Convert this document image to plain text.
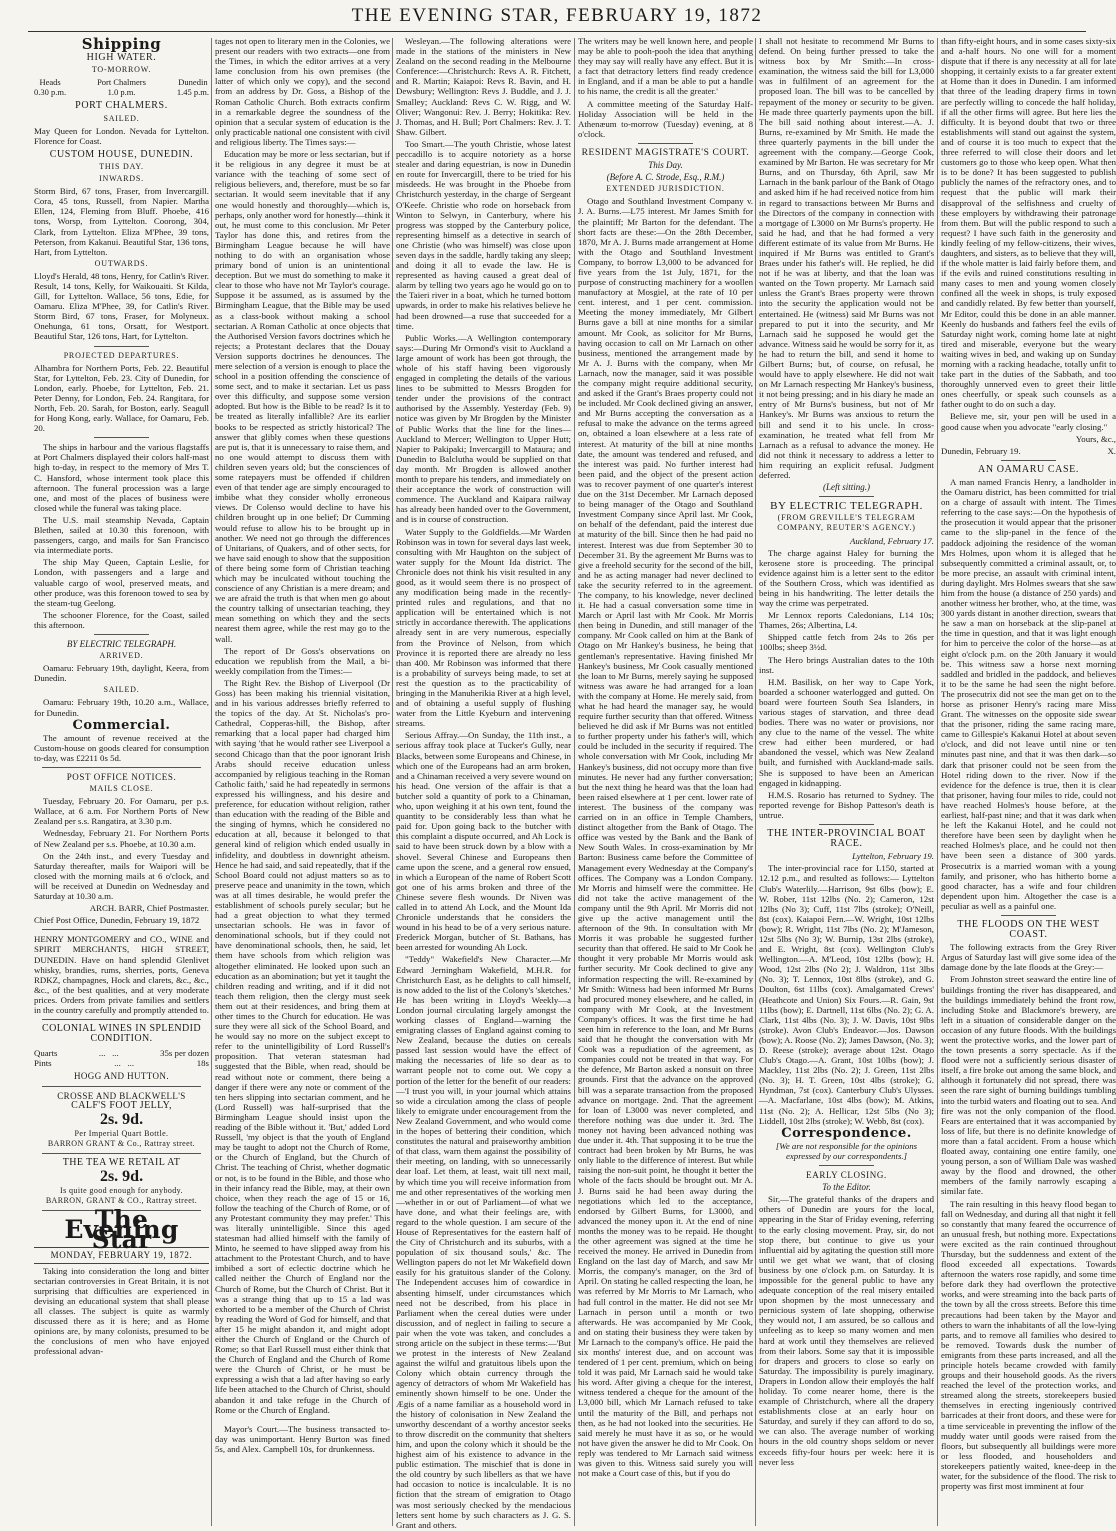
THE EVENING STAR, FEBRUARY 19, 1872
Shipping
HIGH WATER.
TO-MORROW.
Heads
0.30 p.m.
Port Chalmers
1.0 p.m.
Dunedin
1.45 p.m.
PORT CHALMERS.
SAILED.

May Queen for London. Nevada for Lyttelton. Florence for Coast.

CUSTOM HOUSE, DUNEDIN.
THIS DAY.
INWARDS.

Storm Bird, 67 tons, Fraser, from Invercargill. Cora, 45 tons, Russell, from Napier. Martha Ellen, 124, Fleming from Bluff. Phoebe, 416 tons, Worsp, from Lyttelton. Coorong, 304, Clark, from Lyttelton. Eliza M'Phee, 39 tons, Peterson, from Kakanui. Beautiful Star, 136 tons, Hart, from Lyttelton.

OUTWARDS.

Lloyd's Herald, 48 tons, Henry, for Catlin's River. Result, 14 tons, Kelly, for Waikouaiti. St Kilda, Gill, for Lyttelton. Wallace, 56 tons, Edie, for Oamaru. Eliza M'Phee, 39, for Catlin's River. Storm Bird, 67 tons, Fraser, for Molyneux. Onehunga, 61 tons, Orsatt, for Westport. Beautiful Star, 126 tons, Hart, for Lyttelton.

PROJECTED DEPARTURES.

Alhambra for Northern Ports, Feb. 22. Beautiful Star, for Lyttelton, Feb. 23. City of Dunedin, for London, early. Phoebe, for Lyttelton, Feb. 21. Peter Denny, for London, Feb. 24. Rangitara, for North, Feb. 20. Sarah, for Boston, early. Seagull for Hong Kong, early. Wallace, for Oamaru, Feb. 20.

The ships in harbour and the various flagstaffs at Port Chalmers displayed their colors half-mast high to-day, in respect to the memory of Mrs T. C. Hansford, whose interment took place this afternoon. The funeral procession was a large one, and most of the places of business were closed while the funeral was taking place.

The U.S. mail steamship Nevada, Captain Blethen, sailed at 10.30 this forenoon, with passengers, cargo, and mails for San Francisco via intermediate ports.

The ship May Queen, Captain Leslie, for London, with passengers and a large and valuable cargo of wool, preserved meats, and other produce, was this forenoon towed to sea by the steam-tug Geelong.

The schooner Florence, for the Coast, sailed this afternoon.

BY ELECTRIC TELEGRAPH.
ARRIVED.

Oamaru: February 19th, daylight, Keera, from Dunedin.

SAILED.

Oamaru: February 19th, 10.20 a.m., Wallace, for Dunedin.

Commercial.

The amount of revenue received at the Custom-house on goods cleared for consumption to-day, was £2211 0s 5d.

POST OFFICE NOTICES.
MAILS CLOSE.

Tuesday, February 20. For Oamaru, per p.s. Wallace, at 6 a.m. For Northern Ports of New Zealand per s.s. Rangatira, at 3.30 p.m.

Wednesday, February 21. For Northern Ports of New Zealand per s.s. Phoebe, at 10.30 a.m.

On the 24th inst., and every Tuesday and Saturday thereafter, mails for Waipori will be closed with the morning mails at 6 o'clock, and will be received at Dunedin on Wednesday and Saturday at 10.30 a.m.

ARCH. BARR, Chief Postmaster.

Chief Post Office, Dunedin, February 19, 1872

HENRY MONTGOMERY and CO., WINE and SPIRIT MERCHANTS, HIGH STREET, DUNEDIN. Have on hand splendid Glenlivet whisky, brandies, rums, sherries, ports, Geneva RDKZ, champagnes, Hock and clarets, &c., &c., &c., of the best qualities, and at very moderate prices. Orders from private families and settlers in the country carefully and promptly attended to.

COLONIAL WINES IN SPLENDID CONDITION.
Quarts	...   ...	35s per dozen
Pints	...   ...	18s
HOGG AND HUTTON.
CROSSE AND BLACKWELL'S
CALF'S FOOT JELLY,
2s. 9d.
Per Imperial Quart Bottle.
BARRON GRANT & Co., Rattray street.
THE TEA WE RETAIL AT
2s. 9d.
Is quite good enough for anybody.
BARRON, GRANT & CO., Rattray street.
The Evening Star
MONDAY, FEBRUARY 19, 1872.

Taking into consideration the long and bitter sectarian controversies in Great Britain, it is not surprising that difficulties are experienced in devising an educational system that shall please all classes. The subject is quite as warmly discussed there as it is here; and as Home opinions are, by many colonists, presumed to be the conclusions of men who have enjoyed professional advan-

tages not open to literary men in the Colonies, we present our readers with two extracts—one from the Times, in which the editor arrives at a very lame conclusion from his own premises (the latter of which only we copy), and the second from an address by Dr. Goss, a Bishop of the Roman Catholic Church. Both extracts confirm in a remarkable degree the soundness of the opinion that a secular system of education is the only practicable national one consistent with civil and religious liberty. The Times says:—

Education may be more or less sectarian, but if it be religious in any degree it must be at variance with the teaching of some sect of religious believers, and, therefore, must be so far sectarian. It would seem inevitable that if any one would honestly and thoroughly—which is, perhaps, only another word for honestly—think it out, he must come to this conclusion. Mr Peter Taylor has done this, and retires from the Birmingham League because he will have nothing to do with an organisation whose primary bond of union is an unintentional deception. But we must do something to make it clear to those who have not Mr Taylor's courage. Suppose it be assumed, as is assumed by the Birmingham League, that the Bible may be used as a class-book without making a school sectarian. A Roman Catholic at once objects that the Authorised Version favors doctrines which he rejects; a Protestant declares that the Douay Version supports doctrines he denounces. The mere selection of a version is enough to place the school in a position offending the conscience of some sect, and to make it sectarian. Let us pass over this difficulty, and suppose some version adopted. But how is the Bible to be read? Is it to be treated as literally infallible? Are its earlier books to be respected as strictly historical? The answer that glibly comes when these questions are put is, that it is unnecessary to raise them, and no one would attempt to discuss them with children seven years old; but the consciences of some ratepayers must be offended if children even of that tender age are simply encouraged to imbibe what they consider wholly erroneous views. Dr Colenso would decline to have his children brought up in one belief; Dr Cumming would refuse to allow his to be brought up in another. We need not go through the differences of Unitarians, of Quakers, and of other sects, for we have said enough to show that the supposition of there being some form of Christian teaching which may be inculcated without touching the conscience of any Christian is a mere dream; and we are afraid the truth is that when men go about the country talking of unsectarian teaching, they mean something on which they and the sects nearest them agree, while the rest may go to the wall.

The report of Dr Goss's observations on education we republish from the Mail, a bi-weekly compilation from the Times:—

The Right Rev. the Bishop of Liverpool (Dr Goss) has been making his triennial visitation, and in his various addresses briefly referred to the topics of the day. At St. Nicholas's pro-Cathedral, Copperas-hill, the Bishop, after remarking that a local paper had charged him with saying 'that he would rather see Liverpool a second Chicago than that the poor ignorant Irish Arabs should receive education unless accompanied by religious teaching in the Roman Catholic faith,' said he had repeatedly in sermons expressed his willingness, and his desire and preference, for education without religion, rather than education with the reading of the Bible and the singing of hymns, which he considered no education at all, because it belonged to that general kind of religion which ended usually in infidelity, and doubtless in downright atheism. Hence he had said, and said repeatedly, that if the School Board could not adjust matters so as to preserve peace and unanimity in the town, which was at all times desirable, he would prefer the establishment of schools purely secular; but he had a great objection to what they termed unsectarian schools. He was in favor of denominational schools, but if they could not have denominational schools, then, he said, let them have schools from which religion was altogether eliminated. He looked upon such an education as an abomination; but yet it taught the children reading and writing, and if it did not teach them religion, then the clergy must seek them out at their residences, and bring them at other times to the Church for education. He was sure they were all sick of the School Board, and he would say no more on the subject except to refer to the unintelligibility of Lord Russell's proposition. That veteran statesman had suggested that the Bible, when read, should be read without note or comment, there being a danger if there were any note or comment of the ten hers slipping into sectarian comment, and he (Lord Russell) was half-surprised that the Birmingham League should insist upon the reading of the Bible without it. 'But,' added Lord Russell, 'my object is that the youth of England may be taught to adopt not the Church of Rome, or the Church of England, but the Church of Christ. The teaching of Christ, whether dogmatic or not, is to be found in the Bible, and those who in their infancy read the Bible, may, at their own choice, when they reach the age of 15 or 16, follow the teaching of the Church of Rome, or of any Protestant community they may prefer.' This was literally unintelligible. Since this aged statesman had allied himself with the family of Minto, he seemed to have slipped away from his attachment to the Protestant Church, and to have imbibed a sort of eclectic doctrine which he called neither the Church of England nor the Church of Rome, but the Church of Christ. But it was a strange thing that up to 15 a lad was exhorted to be a member of the Church of Christ by reading the Word of God for himself, and that after 15 he might abandon it, and might adopt either the Church of England or the Church of Rome; so that Earl Russell must either think that the Church of England and the Church of Rome were the Church of Christ, or he must be expressing a wish that a lad after having so early life been attached to the Church of Christ, should abandon it and take refuge in the Church of Rome or the Church of England.

Mayor's Court.—The business transacted to-day was unimportant. Henry Burton was fined 5s, and Alex. Campbell 10s, for drunkenness.

Wesleyan.—The following alterations were made in the stations of the ministers in New Zealand on the second reading in the Melbourne Conference:—Christchurch: Revs A. R. Fitchett, and R. Martin; Kaiapoi: Revs R. Bavin, and H. Dewsbury; Wellington: Revs J. Buddle, and J. J. Smalley; Auckland: Revs C. W. Rigg, and W. Oliver; Wangonui: Rev. J. Berry; Hokitika: Rev. J. Thomas, and H. Bull; Port Chalmers: Rev. J. T. Shaw. Gilbert.

Too Smart.—The youth Christie, whose latest peccadillo is to acquire notoriety as a horse stealer and daring equestrian, is now in Dunedin en route for Invercargill, there to be tried for his misdeeds. He was brought in the Phoebe from Christchurch yesterday, in the charge of Sergeant O'Keefe. Christie who rode on horseback from Winton to Selwyn, in Canterbury, where his progress was stopped by the Canterbury police, representing himself as a detective in search of one Christie (who was himself) was close upon seven days in the saddle, hardly taking any sleep; and doing it all to evade the law. He is represented as having caused a great deal of alarm by telling two years ago he would go on to the Taieri river in a boat, which he turned bottom upwards, in order to make his relatives believe he had been drowned—a ruse that succeeded for a time.

Public Works.—A Wellington contemporary says:—During Mr Ormond's visit to Auckland a large amount of work has been got through, the whole of his staff having been vigorously engaged in completing the details of the various lines to be submitted to Messrs Brogden for tender under the provisions of the contract authorised by the Assembly. Yesterday (Feb. 9) notice was given by Mr Brogden by the Minister of Public Works that the line for the lines—Auckland to Mercer; Wellington to Upper Hutt; Napier to Pakipaki; Invercargill to Mataura; and Dunedin to Balclutha would be supplied on that day month. Mr Brogden is allowed another month to prepare his tenders, and immediately on their acceptance the work of construction will commence. The Auckland and Kaipara railway has already been handed over to the Government, and is in course of construction.

Water Supply to the Goldfields.—Mr Warden Robinson was in town for several days last week, consulting with Mr Haughton on the subject of water supply for the Mount Ida district. The Chronicle does not think his visit resulted in any good, as it would seem there is no prospect of any modification being made in the recently-printed rules and regulations, and that no application will be entertained which is not strictly in accordance therewith. The applications already sent in are very numerous, especially from the Province of Nelson, from which Province it is reported there are already no less than 400. Mr Robinson was informed that there is a probability of surveys being made, to set at rest the question as to the practicability of bringing in the Manuherikia River at a high level, and of obtaining a useful supply of flushing water from the Little Kyeburn and intervening streams.

Serious Affray.—On Sunday, the 11th inst., a serious affray took place at Tucker's Gully, near Blacks, between some Europeans and Chinese, in which one of the Europeans had an arm broken, and a Chinaman received a very severe wound on his head. One version of the affair is that a butcher sold a quantity of pork to a Chinaman, who, upon weighing it at his own tent, found the quantity to be considerably less than what he paid for. Upon going back to the butcher with this complaint a dispute occurred, and Ah Lock is said to have been struck down by a blow with a shovel. Several Chinese and Europeans then came upon the scene, and a general row ensued, in which a European of the name of Robert Scott got one of his arms broken and three of the Chinese severe flesh wounds. Dr Niven was called in to attend Ah Lock, and the Mount Ida Chronicle understands that he considers the wound in his head to be of a very serious nature. Frederick Morgan, butcher of St. Bathans, has been arrested for wounding Ah Lock.

"Teddy" Wakefield's New Character.—Mr Edward Jerningham Wakefield, M.H.R. for Christchurch East, as he delights to call himself, is now added to the list of the Colony's 'sketches.' He has been writing in Lloyd's Weekly—a London journal circulating largely amongst the working classes of England—warning the emigrating classes of England against coming to New Zealand, because the duties on cereals passed last session would have the effect of making the necessaries of life so dear as to warrant people not to come out. We copy a portion of the letter for the benefit of our readers:—'I trust you will, in your journal which attains so wide a circulation among the class of people likely to emigrate under encouragement from the New Zealand Government, and who would come in the hopes of bettering their condition, which constitutes the natural and praiseworthy ambition of that class, warn them against the possibility of their meeting, on landing, with so unnecessarily dear loaf. Let them, at least, wait till next mail, by which time you will receive information from me and other representatives of the working men—whether in or out of Parliament—of what we have done, and what their feelings are, with regard to the whole question. I am secure of the House of Representatives for the eastern half of the City of Christchurch and its suburbs, with a population of six thousand souls,' &c. The Wellington papers do not let Mr Wakefield down easily for his gratuitous slander of the Colony. The Independent accuses him of cowardice in absenting himself, under circumstances which need not be described, from his place in Parliament when the cereal duties were under discussion, and of neglect in failing to secure a pair when the vote was taken, and concludes a strong article on the subject in these terms:—'But we protest in the interests of New Zealand against the wilful and gratuitous libels upon the Colony which obtain currency through the agency of detractors of whom Mr Wakefield has eminently shown himself to be one. Under the Ægis of a name familiar as a household word in the history of colonisation in New Zealand the unworthy descendant of a worthy ancestor seeks to throw discredit on the community that shelters him, and upon the colony which it should be the highest aim of his existence to advance in the public estimation. The mischief that is done in the old country by such libellers as that we have had occasion to notice is incalculable. It is no fiction that the stream of emigration to Otago was most seriously checked by the mendacious letters sent home by such characters as J. G. S. Grant and others.

The writers may be well known here, and people may be able to pooh-pooh the idea that anything they may say will really have any effect. But it is a fact that detractory letters find ready credence in England, and if a man be able to put a handle to his name, the credit is all the greater.'

A committee meeting of the Saturday Half-Holiday Association will be held in the Athenæum to-morrow (Tuesday) evening, at 8 o'clock.

RESIDENT MAGISTRATE'S COURT.
This Day.
(Before A. C. Strode, Esq., R.M.)
EXTENDED JURISDICTION.

Otago and Southland Investment Company v. J. A. Burns.—L75 interest. Mr James Smith for the plaintiff; Mr Barton for the defendant. The short facts are these:—On the 28th December, 1870, Mr A. J. Burns made arrangement at Home with the Otago and Southland Investment Company, to borrow L3,000 to be advanced for five years from the 1st July, 1871, for the purpose of constructing machinery for a woollen manufactory at Mosgiel, at the rate of 10 per cent. interest, and 1 per cent. commission. Meeting the money immediately, Mr Gilbert Burns gave a bill at nine months for a similar amount. Mr Cook, as solicitor for Mr Burns, having occasion to call on Mr Larnach on other business, mentioned the arrangement made by Mr A. J. Burns with the company, when Mr Larnach, now the manager, said it was possible the company might require additional security, and asked if the Grant's Braes property could not be included. Mr Cook declined giving an answer, and Mr Burns accepting the conversation as a refusal to make the advance on the terms agreed on, obtained a loan elsewhere at a less rate of interest. At maturity of the bill at nine months date, the amount was tendered and refused, and the interest was paid. No further interest had been paid, and the object of the present action was to recover payment of one quarter's interest due on the 31st December. Mr Larnach deposed to being manager of the Otago and Southland Investment Company since April last. Mr Cook, on behalf of the defendant, paid the interest due at maturity of the bill. Since then he had paid no interest. Interest was due from September 30 to December 31. By the agreement Mr Burns was to give a freehold security for the second of the bill, and he as acting manager had never declined to take the security referred to in the agreement. The company, to his knowledge, never declined it. He had a casual conversation some time in March or April last with Mr Cook. Mr Morris then being in Dunedin, and still manager of the company. Mr Cook called on him at the Bank of Otago on Mr Hankey's business, he being that gentleman's representative. Having finished Mr Hankey's business, Mr Cook casually mentioned the loan to Mr Burns, merely saying he supposed witness was aware he had arranged for a loan with the company at Home. He merely said, from what he had heard the manager say, he would require further security than that offered. Witness believed he did ask if Mr Burns was not entitled to further property under his father's will, which could be included in the security if required. The whole conversation with Mr Cook, including Mr Hankey's business, did not occupy more than five minutes. He never had any further conversation; but the next thing he heard was that the loan had been raised elsewhere at 1 per cent. lower rate of interest. The business of the company was carried on in an office in Temple Chambers, distinct altogether from the Bank of Otago. The office was vested by the Bank and the Bank of New South Wales. In cross-examination by Mr Barton: Business came before the Committee of Management every Wednesday at the Company's offices. The Company was a London Company. Mr Morris and himself were the committee. He did not take the active management of the company until the 9th April. Mr Morris did not give up the active management until the afternoon of the 9th. In consultation with Mr Morris it was probable he suggested further security than that offered. He said to Mr Cook he thought it very probable Mr Morris would ask further security. Mr Cook declined to give any information respecting the will. Re-examined by Mr Smith: Witness had been informed Mr Burns had procured money elsewhere, and he called, in company with Mr Cook, at the Investment Company's offices. It was the first time he had seen him in reference to the loan, and Mr Burns said that he thought the conversation with Mr Cook was a repudiation of the agreement, as companies could not be treated in that way. For the defence, Mr Barton asked a nonsuit on three grounds. First that the advance on the approved bill was a separate transaction from the proposed advance on mortgage. 2nd. That the agreement for loan of L3000 was never completed, and therefore nothing was due under it. 3rd. The money not having been advanced nothing was due under it. 4th. That supposing it to be true the contract had been broken by Mr Burns, he was only liable to the difference of interest. But while raising the non-suit point, he thought it better the whole of the facts should be brought out. Mr A. J. Burns said he had been away during the negotiations which led to the acceptance, endorsed by Gilbert Burns, for L3000, and advanced the money upon it. At the end of nine months the money was to be repaid. He thought the other agreement was signed at the time he received the money. He arrived in Dunedin from England on the last day of March, and saw Mr Morris, the company's manager, on the 3rd of April. On stating he called respecting the loan, he was referred by Mr Morris to Mr Larnach, who had full control in the matter. He did not see Mr Larnach in person until a month or two afterwards. He was accompanied by Mr Cook, and on stating their business they were taken by Mr Larnach to the company's office. He paid the six months' interest due, and on account was tendered of 1 per cent. premium, which on being told it was paid, Mr Larnach said he would take his word. After giving a cheque for the interest, witness tendered a cheque for the amount of the L3,000 bill, which Mr Larnach refused to take until the maturity of the Bill, and perhaps not then, as he had not looked into the securities. He said merely he must have it as so, or he would not have given the answer he did to Mr Cook. On reply was tendered to Mr Larnach said witness was given to this. Witness said surely you will not make a Court case of this, but if you do

I shall not hesitate to recommend Mr Burns to defend. On being further pressed to take the witness box by Mr Smith:—In cross-examination, the witness said the bill for L3,000 was in fulfilment of an agreement for the proposed loan. The bill was to be cancelled by repayment of the money or security to be given. He made three quarterly payments upon the bill. The bill said nothing about interest.—A. J. Burns, re-examined by Mr Smith. He made the three quarterly payments in the bill under the agreement with the company.—George Cook, examined by Mr Barton. He was secretary for Mr Burns, and on Thursday, 6th April, saw Mr Larnach in the bank parlour of the Bank of Otago and asked him if he had received notice from him in regard to transactions between Mr Burns and the Directors of the company in connection with a mortgage of L3000 on Mr Burns's property. He said he had, and that he had formed a very different estimate of its value from Mr Burns. He inquired if Mr Burns was entitled to Grant's Braes under his father's will. He replied, he did not if he was at liberty, and that the loan was wanted on the Town property. Mr Larnach said unless the Grant's Braes property were thrown into the security the application would not be entertained. He (witness) said Mr Burns was not prepared to put it into the security, and Mr Larnach said he supposed he would get the advance. Witness said he would be sorry for it, as he had to return the bill, and send it home to Gilbert Burns; but, of course, on refusal, he would have to apply elsewhere. He did not wait on Mr Larnach respecting Mr Hankey's business, it not being pressing; and in his diary he made an entry of Mr Burns's business, but not of Mr Hankey's. Mr Burns was anxious to return the bill and send it to his uncle. In cross-examination, he treated what fell from Mr Larnach as a refusal to advance the money. He did not think it necessary to address a letter to him requiring an explicit refusal. Judgment deferred.

(Left sitting.)
BY ELECTRIC TELEGRAPH.
(FROM GREVILLE'S TELEGRAM COMPANY, REUTER'S AGENCY.)

Auckland, February 17.

The charge against Haley for burning the kerosene store is proceeding. The principal evidence against him is a letter sent to the editor of the Southern Cross, which was identified as being in his handwriting. The letter details the way the crime was perpetrated.

Mr Lennox reports Caledonians, L14 10s; Thames, 26s; Albertina, L4.

Shipped cattle fetch from 24s to 26s per 100lbs; sheep 3½d.

The Hero brings Australian dates to the 10th inst.

H.M. Basilisk, on her way to Cape York, boarded a schooner waterlogged and gutted. On board were fourteen South Sea Islanders, in various stages of starvation, and three dead bodies. There was no water or provisions, nor any clue to the name of the vessel. The white crew had either been murdered, or had abandoned the vessel, which was New Zealand built, and furnished with Auckland-made sails. She is supposed to have been an American engaged in kidnapping.

H.M.S. Rosario has returned to Sydney. The reported revenge for Bishop Patteson's death is untrue.

THE INTER-PROVINCIAL BOAT RACE.

Lyttelton, February 19.

The inter-provincial race for L150, started at 12.12 p.m., and resulted as follows:— Lyttelton Club's Waterlily.—Harrison, 9st 6lbs (bow); E. W. Rober, 11st 12lbs (No. 2); Cameron, 12st 12lbs (No 3); Cuff, 11st 7lbs (stroke); O'Neill, 8st (cox). Kaiapoi Fern.—W. Wright, 10st 12lbs (bow); R. Wright, 11st 7lbs (No. 2); M'Jameson, 12st 5lbs (No 3); W. Burnip, 13st 2lbs (stroke), and E. Wright, 8st (cox). Wellington Club's Wellington.—A. M'Leod, 10st 12lbs (bow); H. Wood, 12st 2lbs (No 2); J. Waldron, 11st 3lbs (No. 3); T. Lennox, 10st 8lbs (stroke), and G. Doulton, 6st 11lbs (cox). Amalgamated Crews' (Heathcote and Union) Six Fours.—R. Gain, 9st 11lbs (bow); E. Dartnell, 11st 6lbs (No. 2); G. A. Clark, 11st 4lbs (No. 3); J. W. Davis, 10st 9lbs (stroke). Avon Club's Endeavor.—Jos. Dawson (bow); A. Roose (No. 2); James Dawson, (No. 3); D. Reese (stroke); average about 12st. Otago Club's Otago.—A. Grant, 10st 10lbs (bow); J. Mackley, 11st 2lbs (No. 2); J. Green, 11st 2lbs (No. 3); H. T. Green, 10st 4lbs (stroke); G. Hyndman, 7st (cox). Canterbury Club's Ulysses.—A. Macfarlane, 10st 4lbs (bow); M. Atkins, 11st (No. 2); A. Hellicar, 12st 5lbs (No 3); Liddell, 10st 2lbs (stroke); W. Webb, 8st (cox).

Correspondence.

[We are not responsible for the opinions expressed by our correspondents.]

EARLY CLOSING.
To the Editor.

Sir,—The grateful thanks of the drapers and others of Dunedin are yours for the local, appearing in the Star of Friday evening, referring to the early closing movement. Pray, sir, do not stop there, but continue to give us your influential aid by agitating the question still more until we get what we want, that of closing business by one o'clock p.m. on Saturday. It is impossible for the general public to have any adequate conception of the real misery entailed upon shopmen by the most unnecessary and pernicious system of late shopping, otherwise they would not, I am assured, be so callous and unfeeling as to keep so many women and men hard at work until they themselves are relieved from their labors. Some say that it is impossible for drapers and grocers to close so early on Saturday. The impossibility is purely imaginary. Drapers in London allow their employés the half holiday. To come nearer home, there is the example of Christchurch, where all the drapery establishments close at an early hour on Saturday, and surely if they can afford to do so, we can also. The average number of working hours in the old country shops seldom or never exceeds fifty-four hours per week: here it is never less

than fifty-eight hours, and in some cases sixty-six and a-half hours. No one will for a moment dispute that if there is any necessity at all for late shopping, it certainly exists to a far greater extent at Home than it does in Dunedin. I am informed that three of the leading drapery firms in town are perfectly willing to concede the half holiday, if all the other firms will agree. But here lies the difficulty. It is beyond doubt that two or three establishments will stand out against the system, and of course it is too much to expect that the three referred to will close their doors and let customers go to those who keep open. What then is to be done? It has been suggested to publish publicly the names of the refractory ones, and to request that the public will mark their disapproval of the selfishness and cruelty of these employers by withdrawing their patronage from them. But will the public respond to such a request? I have such faith in the generosity and kindly feeling of my fellow-citizens, their wives, daughters, and sisters, as to believe that they will, if the whole matter is laid fairly before them, and if the evils and ruined constitutions resulting in many cases to men and young women closely confined all the week in shops, is truly exposed and candidly related. By few better than yourself, Mr Editor, could this be done in an able manner. Keenly do husbands and fathers feel the evils of Saturday night work, coming home late at night tired and miserable, everyone but the weary waiting wives in bed, and waking up on Sunday morning with a racking headache, totally unfit to take part in the duties of the Sabbath, and too thoroughly unnerved even to greet their little ones cheerfully, or speak such counsels as a father ought to do on such a day.

Believe me, sir, your pen will be used in a good cause when you advocate "early closing."

Yours, &c.,

Dunedin, February 19.	X.
AN OAMARU CASE.

A man named Francis Henry, a landholder in the Oamaru district, has been committed for trial on a charge of assault with intent. The Times referring to the case says:—On the hypothesis of the prosecution it would appear that the prisoner came to the slip-panel in the fence of the paddock adjoining the residence of the woman Mrs Holmes, upon whom it is alleged that he subsequently committed a criminal assault, or, to be more precise, an assault with criminal intent, during daylight. Mrs Holmes swears that she saw him from the house (a distance of 250 yards) and another witness her brother, who, at the time, was 300 yards distant in another direction, swears that he saw a man on horseback at the slip-panel at the time in question, and that it was light enough for him to perceive the color of the horse—as at eight o'clock p.m. on the 20th January it would be. This witness saw a horse next morning saddled and bridled in the paddock, and believes it to be the same he had seen the night before. The prosecutrix did not see the man get on to the horse as prisoner Henry's racing mare Miss Grant. The witnesses on the opposite side swear that the prisoner, riding the same racing mare, came to Gillespie's Kakanui Hotel at about seven o'clock, and did not leave until nine or ten minutes past nine, and that it was then dark—so dark that prisoner could not be seen from the Hotel riding down to the river. Now if the evidence for the defence is true, then it is clear that prisoner, having four miles to ride, could not have reached Holmes's house before, at the earliest, half-past nine; and that it was dark when he left the Kakanui Hotel, and he could not therefore have been seen by daylight when he reached Holmes's place, and he could not then have been seen a distance of 300 yards. Prosecutrix is a married woman with a young family, and prisoner, who has hitherto borne a good character, has a wife and four children dependent upon him. Altogether the case is a peculiar as well as a painful one.

THE FLOODS ON THE WEST COAST.

The following extracts from the Grey River Argus of Saturday last will give some idea of the damage done by the late floods at the Grey:—

From Johnston street seaward the entire line of buildings fronting the river has disappeared, and the buildings immediately behind the front row, including Stoke and Blackmore's brewery, are left in a situation of considerable danger on the occasion of any future floods. With the buildings went the protective works, and the lower part of the town presents a sorry spectacle. As if the flood were not a sufficiently serious disaster of itself, a fire broke out among the same block, and although it fortunately did not spread, there was seen the rare sight of burning buildings tumbling into the turbid waters and floating out to sea. And fire was not the only companion of the flood. Fears are entertained that it was accompanied by loss of life, but there is no definite knowledge of more than a fatal accident. From a house which floated away, containing one entire family, one young person, a son of William Dale was washed away by the flood and drowned, the other members of the family narrowly escaping a similar fate.

The rain resulting in this heavy flood began to fall on Wednesday, and during all that night it fell so constantly that many feared the occurrence of an unusual fresh, but nothing more. Expectations were excited as the rain continued throughout Thursday, but the suddenness and extent of the flood exceeded all expectations. Towards afternoon the waters rose rapidly, and some time before dark they had overflown the protective works, and were streaming into the back parts of the town by all the cross streets. Before this time precautions had been taken by the Mayor and others to warn the inhabitants of all the low-lying parts, and to remove all families who desired to be removed. Towards dusk the number of emigrants from these parts increased, and all the principle hotels became crowded with family groups and their household goods. As the rivers reached the level of the protection works, and streamed along the streets, storekeepers busied themselves in erecting ingeniously contrived barricades at their front doors, and these were for a time serviceable in preventing the inflow of the muddy water until goods were raised from the floors, but subsequently all buildings were more or less flooded, and householders and storekeepers patiently waited, knee-deep in the water, for the subsidence of the flood. The risk to property was first most imminent at four
